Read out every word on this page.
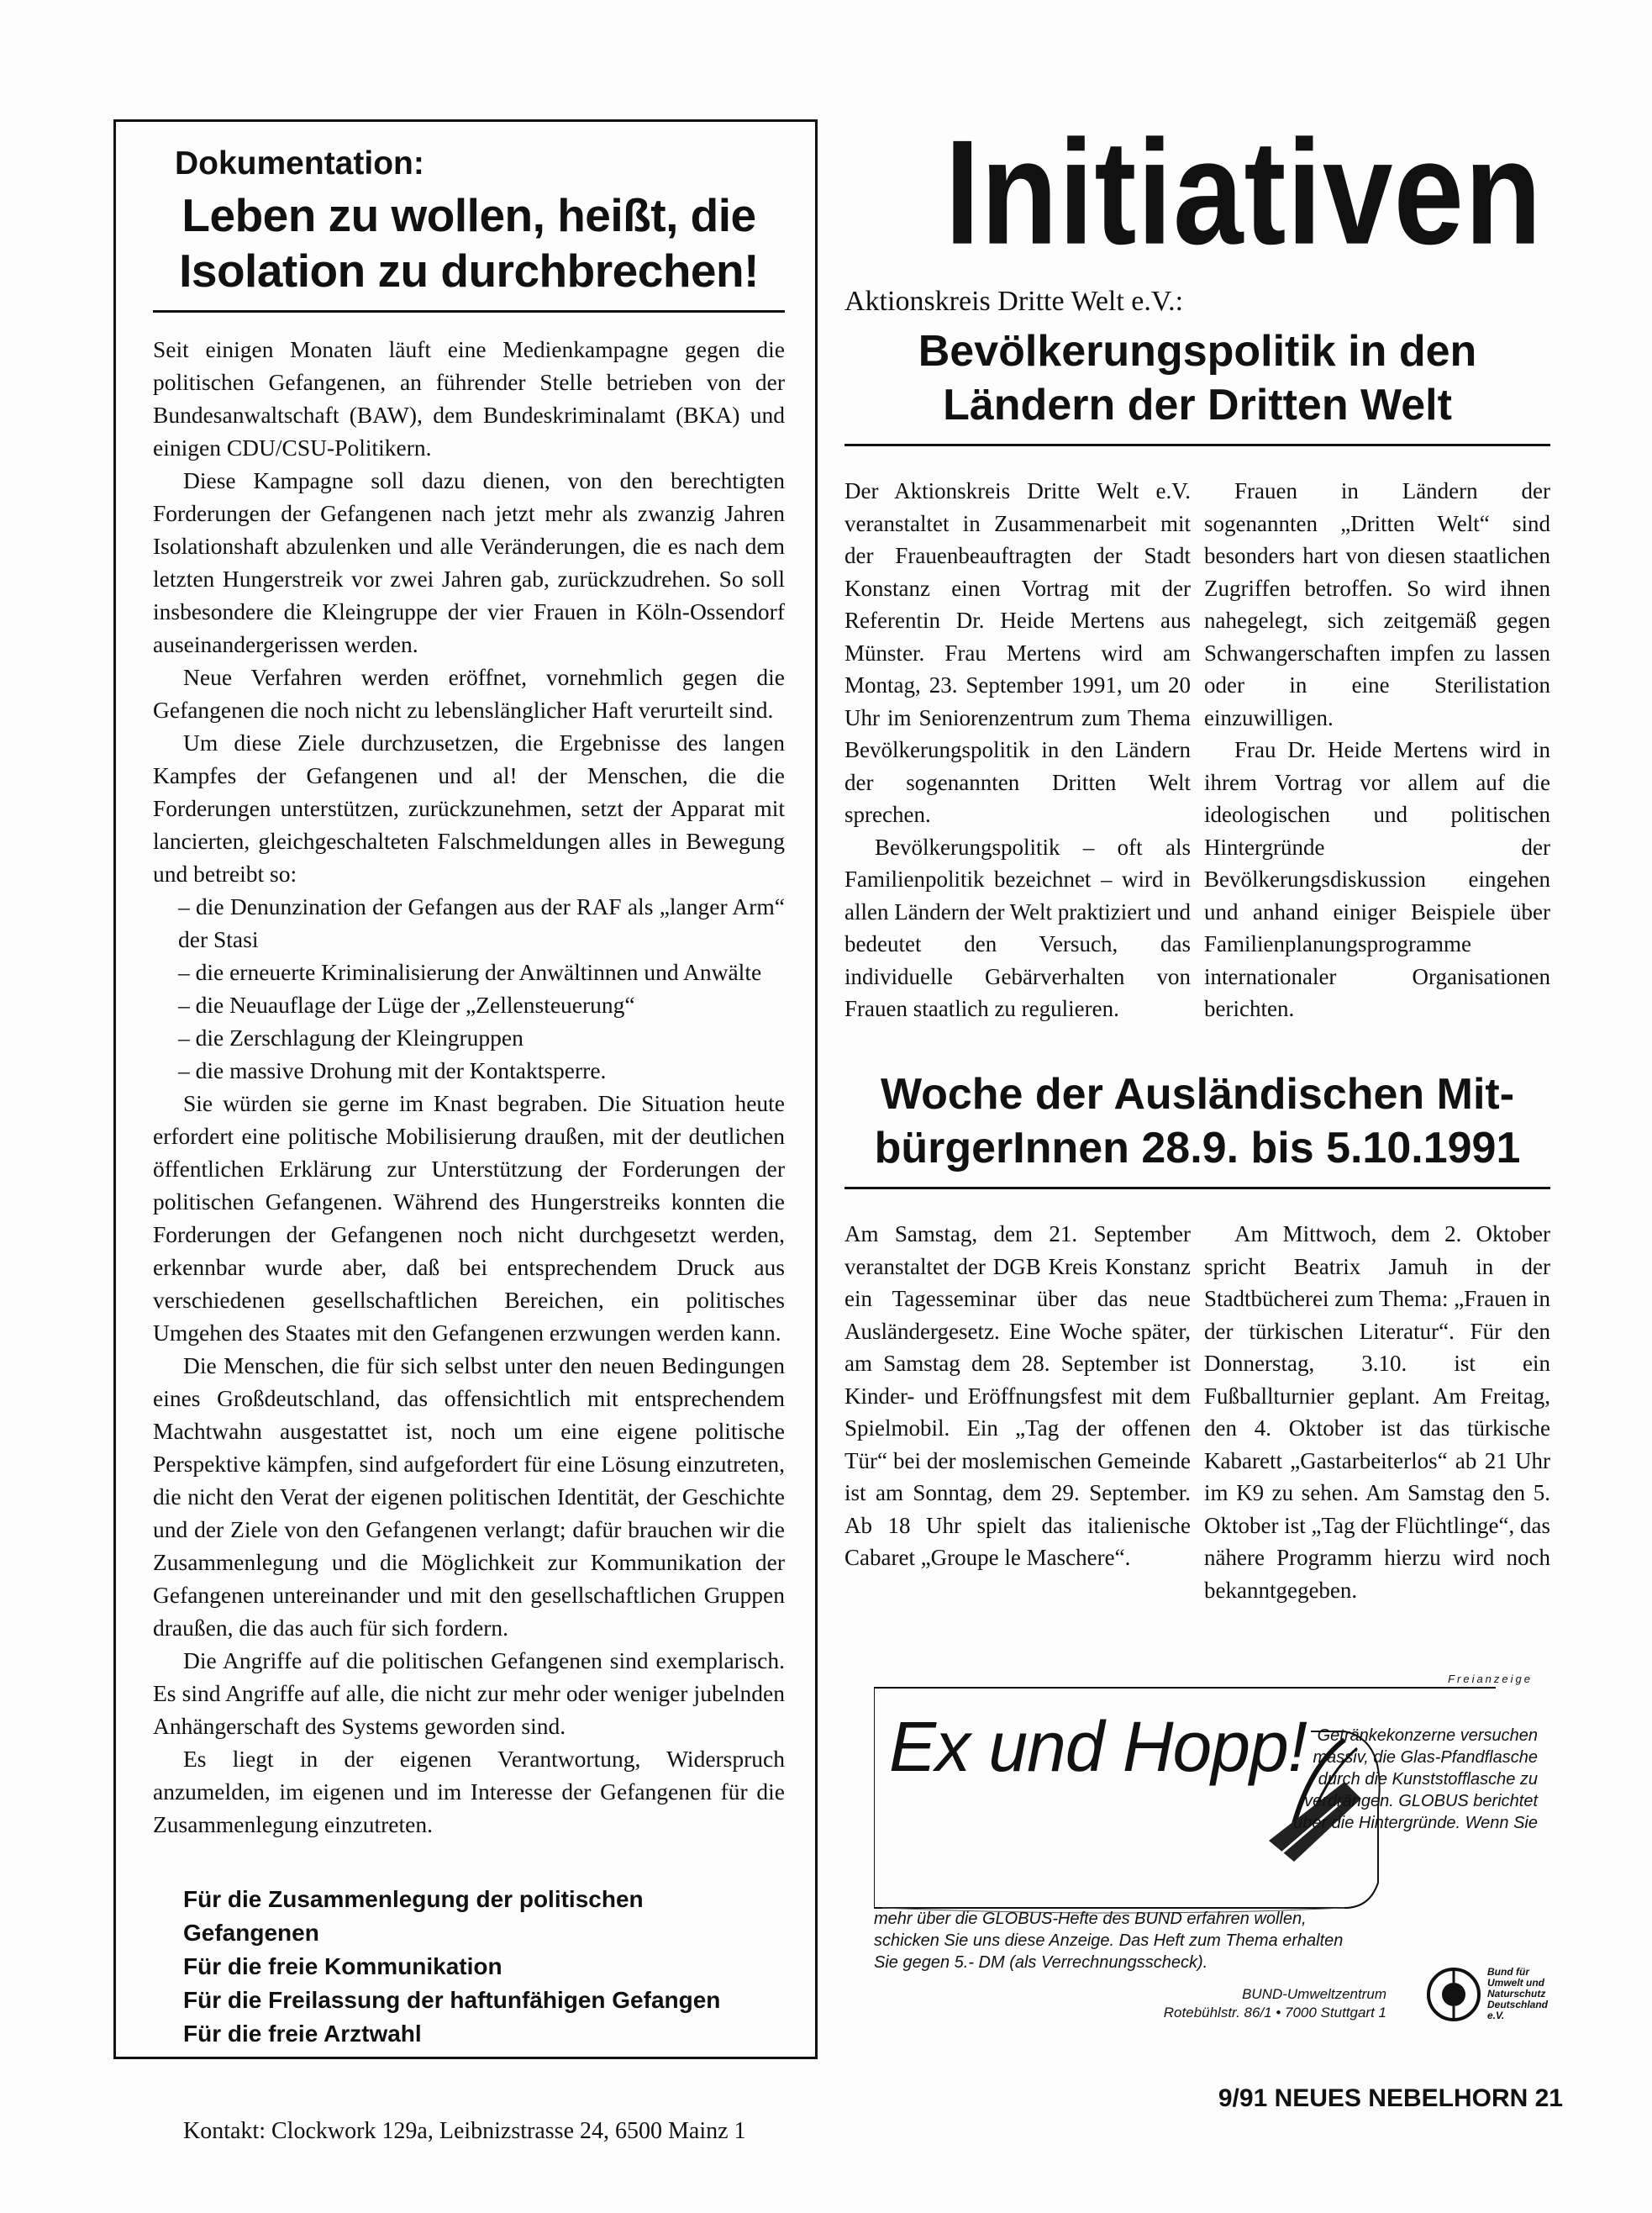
Dokumentation:
Leben zu wollen, heißt, die
Isolation zu durchbrechen!

Seit einigen Monaten läuft eine Medienkampagne gegen die politischen Gefangenen, an führender Stelle betrieben von der Bundesanwaltschaft (BAW), dem Bundeskriminalamt (BKA) und einigen CDU/CSU-Politikern.

Diese Kampagne soll dazu dienen, von den berechtigten Forderungen der Gefangenen nach jetzt mehr als zwanzig Jahren Isolationshaft abzulenken und alle Veränderungen, die es nach dem letzten Hungerstreik vor zwei Jahren gab, zurückzudrehen. So soll insbesondere die Kleingruppe der vier Frauen in Köln-Ossendorf auseinandergerissen werden.

Neue Verfahren werden eröffnet, vornehmlich gegen die Gefangenen die noch nicht zu lebenslänglicher Haft verurteilt sind.

Um diese Ziele durchzusetzen, die Ergebnisse des langen Kampfes der Gefangenen und al! der Menschen, die die Forderungen unterstützen, zurückzunehmen, setzt der Apparat mit lancierten, gleichgeschalteten Falschmeldungen alles in Bewegung und betreibt so:

– die Denunzination der Gefangen aus der RAF als „langer Arm“ der Stasi
– die erneuerte Kriminalisierung der Anwältinnen und Anwälte
– die Neuauflage der Lüge der „Zellensteuerung“
– die Zerschlagung der Kleingruppen
– die massive Drohung mit der Kontaktsperre.

Sie würden sie gerne im Knast begraben. Die Situation heute erfordert eine politische Mobilisierung draußen, mit der deutlichen öffentlichen Erklärung zur Unterstützung der Forderungen der politischen Gefangenen. Während des Hungerstreiks konnten die Forderungen der Gefangenen noch nicht durchgesetzt werden, erkennbar wurde aber, daß bei entsprechendem Druck aus verschiedenen gesellschaftlichen Bereichen, ein politisches Umgehen des Staates mit den Gefangenen erzwungen werden kann.

Die Menschen, die für sich selbst unter den neuen Bedingungen eines Großdeutschland, das offensichtlich mit entsprechendem Machtwahn ausgestattet ist, noch um eine eigene politische Perspektive kämpfen, sind aufgefordert für eine Lösung einzutreten, die nicht den Verat der eigenen politischen Identität, der Geschichte und der Ziele von den Gefangenen verlangt; dafür brauchen wir die Zusammenlegung und die Möglichkeit zur Kommunikation der Gefangenen untereinander und mit den gesellschaftlichen Gruppen draußen, die das auch für sich fordern.

Die Angriffe auf die politischen Gefangenen sind exemplarisch. Es sind Angriffe auf alle, die nicht zur mehr oder weniger jubelnden Anhängerschaft des Systems geworden sind.

Es liegt in der eigenen Verantwortung, Widerspruch anzumelden, im eigenen und im Interesse der Gefangenen für die Zusammenlegung einzutreten.

Für die Zusammenlegung der politischen Gefangenen
Für die freie Kommunikation
Für die Freilassung der haftunfähigen Gefangen
Für die freie Arztwahl
Kontakt: Clockwork 129a, Leibnizstrasse 24, 6500 Mainz 1
Initiativen
Aktionskreis Dritte Welt e.V.:
Bevölkerungspolitik in den
Ländern der Dritten Welt

Der Aktionskreis Dritte Welt e.V. veranstaltet in Zusammenarbeit mit der Frauenbeauftragten der Stadt Konstanz einen Vortrag mit der Referentin Dr. Heide Mertens aus Münster. Frau Mertens wird am Montag, 23. September 1991, um 20 Uhr im Seniorenzentrum zum Thema Bevölkerungspolitik in den Ländern der sogenannten Dritten Welt sprechen.

Bevölkerungspolitik – oft als Familienpolitik bezeichnet – wird in allen Ländern der Welt praktiziert und bedeutet den Versuch, das individuelle Gebärverhalten von Frauen staatlich zu regulieren.

Frauen in Ländern der sogenannten „Dritten Welt“ sind besonders hart von diesen staatlichen Zugriffen betroffen. So wird ihnen nahegelegt, sich zeitgemäß gegen Schwangerschaften impfen zu lassen oder in eine Sterilistation einzuwilligen.

Frau Dr. Heide Mertens wird in ihrem Vortrag vor allem auf die ideologischen und politischen Hintergründe der Bevölkerungsdiskussion eingehen und anhand einiger Beispiele über Familienplanungsprogramme internationaler Organisationen berichten.

Woche der Ausländischen Mit-
bürgerInnen 28.9. bis 5.10.1991

Am Samstag, dem 21. September veranstaltet der DGB Kreis Konstanz ein Tagesseminar über das neue Ausländergesetz. Eine Woche später, am Samstag dem 28. September ist Kinder- und Eröffnungsfest mit dem Spielmobil. Ein „Tag der offenen Tür“ bei der moslemischen Gemeinde ist am Sonntag, dem 29. September. Ab 18 Uhr spielt das italienische Cabaret „Groupe le Maschere“.

Am Mittwoch, dem 2. Oktober spricht Beatrix Jamuh in der Stadtbücherei zum Thema: „Frauen in der türkischen Literatur“. Für den Donnerstag, 3.10. ist ein Fußballturnier geplant. Am Freitag, den 4. Oktober ist das türkische Kabarett „Gastarbeiterlos“ ab 21 Uhr im K9 zu sehen. Am Samstag den 5. Oktober ist „Tag der Flüchtlinge“, das nähere Programm hierzu wird noch bekanntgegeben.

Freianzeige
Ex und Hopp! Getränkekonzerne versuchen massiv, die Glas-Pfandflasche durch die Kunststofflasche zu verdrängen. GLOBUS berichtet über die Hintergründe. Wenn Sie
mehr über die GLOBUS-Hefte des BUND erfahren wollen, schicken Sie uns diese Anzeige. Das Heft zum Thema erhalten Sie gegen 5.- DM (als Verrechnungsscheck).
BUND-Umweltzentrum
Rotebühlstr. 86/1 • 7000 Stuttgart 1
Bund für Umwelt und Naturschutz Deutschland e.V.
9/91 NEUES NEBELHORN 21
